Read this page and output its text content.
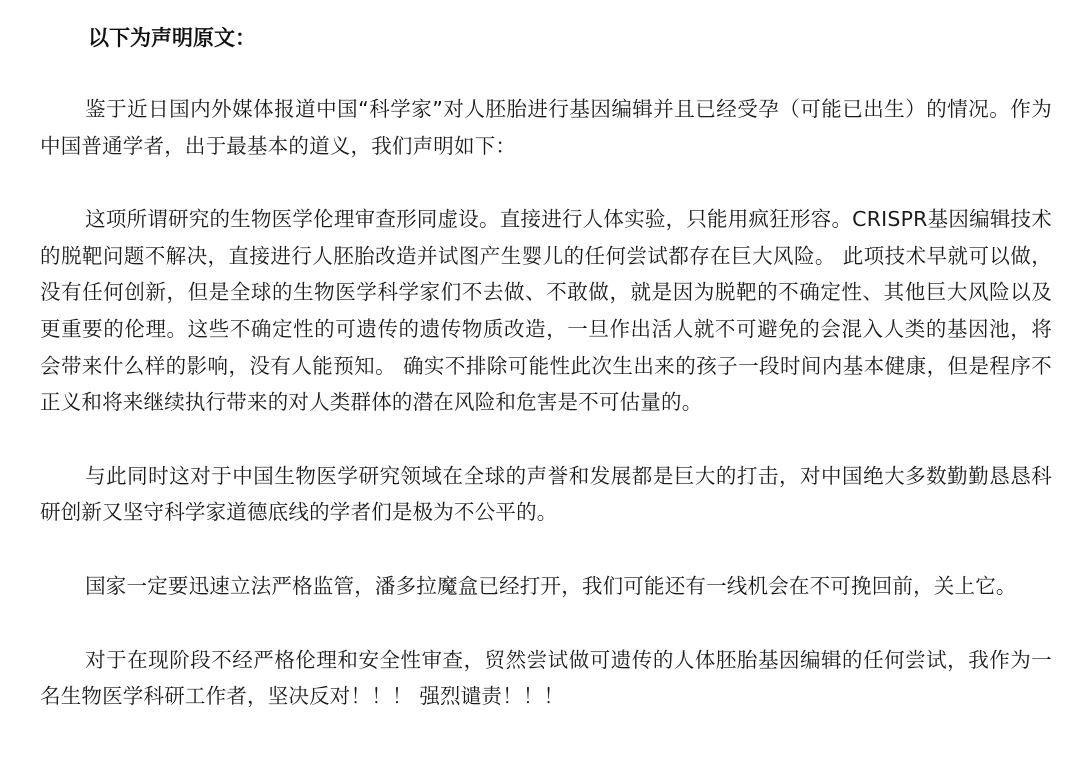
以下为声明原文：

鉴于近日国内外媒体报道中国“科学家”对人胚胎进行基因编辑并且已经受孕（可能已出生）的情况。作为中国普通学者，出于最基本的道义，我们声明如下：

这项所谓研究的生物医学伦理审查形同虚设。直接进行人体实验，只能用疯狂形容。CRISPR基因编辑技术的脱靶问题不解决，直接进行人胚胎改造并试图产生婴儿的任何尝试都存在巨大风险。 此项技术早就可以做，没有任何创新，但是全球的生物医学科学家们不去做、不敢做，就是因为脱靶的不确定性、其他巨大风险以及更重要的伦理。这些不确定性的可遗传的遗传物质改造，一旦作出活人就不可避免的会混入人类的基因池，将会带来什么样的影响，没有人能预知。 确实不排除可能性此次生出来的孩子一段时间内基本健康，但是程序不正义和将来继续执行带来的对人类群体的潜在风险和危害是不可估量的。

与此同时这对于中国生物医学研究领域在全球的声誉和发展都是巨大的打击，对中国绝大多数勤勤恳恳科研创新又坚守科学家道德底线的学者们是极为不公平的。

国家一定要迅速立法严格监管，潘多拉魔盒已经打开，我们可能还有一线机会在不可挽回前，关上它。

对于在现阶段不经严格伦理和安全性审查，贸然尝试做可遗传的人体胚胎基因编辑的任何尝试，我作为一名生物医学科研工作者，坚决反对！！！ 强烈谴责！！！
